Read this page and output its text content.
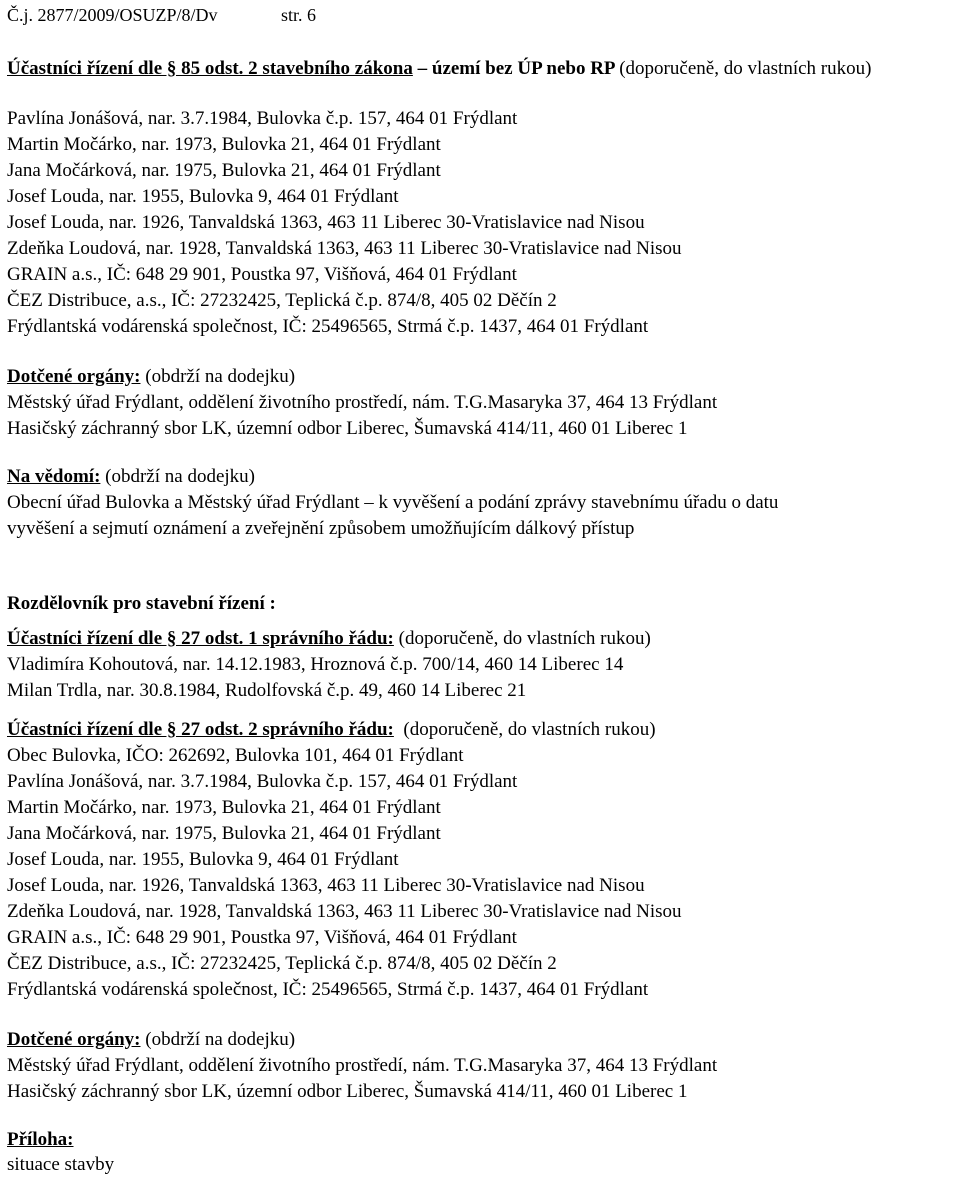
Č.j. 2877/2009/OSUZP/8/Dv	str. 6
Účastníci řízení dle § 85 odst. 2 stavebního zákona – území bez ÚP nebo RP (doporučeně, do vlastních rukou)
Pavlína Jonášová, nar. 3.7.1984, Bulovka č.p. 157, 464 01 Frýdlant
Martin Močárko, nar. 1973, Bulovka 21, 464 01 Frýdlant
Jana Močárková, nar. 1975, Bulovka 21, 464 01 Frýdlant
Josef Louda, nar. 1955, Bulovka 9, 464 01 Frýdlant
Josef Louda, nar. 1926, Tanvaldská 1363, 463 11 Liberec 30-Vratislavice nad Nisou
Zdeňka Loudová, nar. 1928, Tanvaldská 1363, 463 11 Liberec 30-Vratislavice nad Nisou
GRAIN a.s., IČ: 648 29 901, Poustka 97, Višňová, 464 01 Frýdlant
ČEZ Distribuce, a.s., IČ: 27232425, Teplická č.p. 874/8, 405 02 Děčín 2
Frýdlantská vodárenská společnost, IČ: 25496565, Strmá č.p. 1437, 464 01 Frýdlant
Dotčené orgány: (obdrží na dodejku)
Městský úřad Frýdlant, oddělení životního prostředí, nám. T.G.Masaryka 37, 464 13 Frýdlant
Hasičský záchranný sbor LK, územní odbor Liberec, Šumavská 414/11, 460 01 Liberec 1
Na vědomí: (obdrží na dodejku)
Obecní úřad Bulovka a Městský úřad Frýdlant – k vyvěšení a podání zprávy stavebnímu úřadu o datu
vyvěšení a sejmutí oznámení a zveřejnění způsobem umožňujícím dálkový přístup
Rozdělovník pro stavební řízení :
Účastníci řízení dle § 27 odst. 1 správního řádu: (doporučeně, do vlastních rukou)
Vladimíra Kohoutová, nar. 14.12.1983, Hroznová č.p. 700/14, 460 14 Liberec 14
Milan Trdla, nar. 30.8.1984, Rudolfovská č.p. 49, 460 14 Liberec 21
Účastníci řízení dle § 27 odst. 2 správního řádu:  (doporučeně, do vlastních rukou)
Obec Bulovka, IČO: 262692, Bulovka 101, 464 01 Frýdlant
Pavlína Jonášová, nar. 3.7.1984, Bulovka č.p. 157, 464 01 Frýdlant
Martin Močárko, nar. 1973, Bulovka 21, 464 01 Frýdlant
Jana Močárková, nar. 1975, Bulovka 21, 464 01 Frýdlant
Josef Louda, nar. 1955, Bulovka 9, 464 01 Frýdlant
Josef Louda, nar. 1926, Tanvaldská 1363, 463 11 Liberec 30-Vratislavice nad Nisou
Zdeňka Loudová, nar. 1928, Tanvaldská 1363, 463 11 Liberec 30-Vratislavice nad Nisou
GRAIN a.s., IČ: 648 29 901, Poustka 97, Višňová, 464 01 Frýdlant
ČEZ Distribuce, a.s., IČ: 27232425, Teplická č.p. 874/8, 405 02 Děčín 2
Frýdlantská vodárenská společnost, IČ: 25496565, Strmá č.p. 1437, 464 01 Frýdlant
Dotčené orgány: (obdrží na dodejku)
Městský úřad Frýdlant, oddělení životního prostředí, nám. T.G.Masaryka 37, 464 13 Frýdlant
Hasičský záchranný sbor LK, územní odbor Liberec, Šumavská 414/11, 460 01 Liberec 1
Příloha:
situace stavby
